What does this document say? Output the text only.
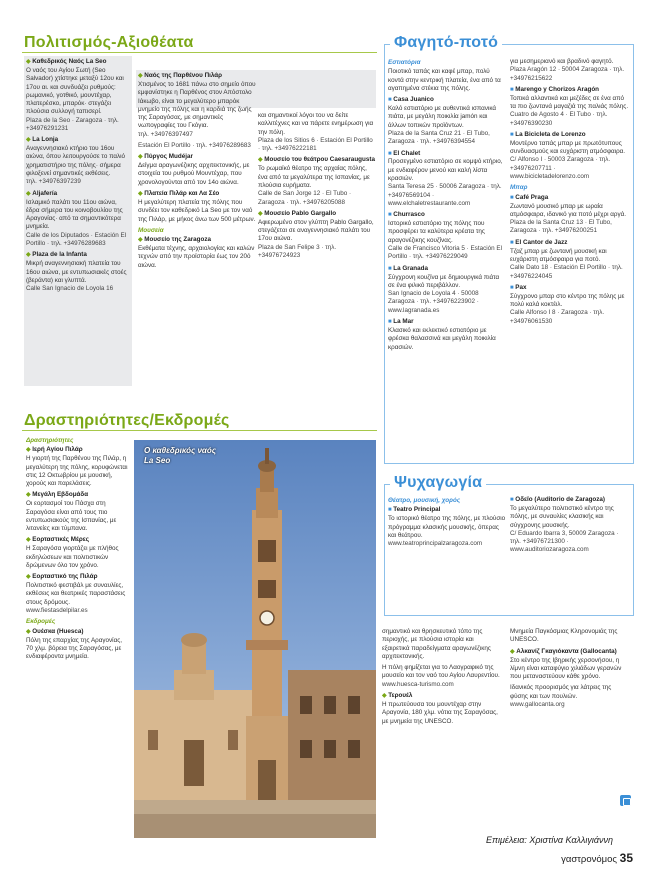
Πολιτισμός-Αξιοθέατα
◆ Καθεδρικός Ναός La Seo
Ο ναός του Αγίου Σωτή (Seo Salvador) χτίστηκε μεταξύ 12ου και 17ου αι. και συνδυάζει ρυθμούς: ρωμανικό, γοτθικό, μουντέχαρ, πλατερέσκο, μπαρόκ· στεγάζει πλούσια συλλογή ταπισερί.
Plaza de la Seo · Zaragoza · τηλ. +34976291231
◆ La Lonja
Αναγεννησιακό κτήριο του 16ου αιώνα, όπου λειτουργούσε το παλιό χρηματιστήριο της πόλης· σήμερα φιλοξενεί σημαντικές εκθέσεις.
τηλ. +34976397239
◆ Aljafería
Ισλαμικό παλάτι του 11ου αιώνα, έδρα σήμερα του κοινοβουλίου της Αραγονίας· από τα σημαντικότερα μνημεία.
Calle de los Diputados · Estación El Portillo · τηλ. +34976289683
◆ Plaza de la Infanta
Μικρή αναγεννησιακή πλατεία του 16ου αιώνα, με εντυπωσιακές στοές (βεράντα) και γλυπτά.
Calle San Ignacio de Loyola 16
◆ Ναός της Παρθένου Πιλάρ
Χτισμένος το 1681 πάνω στο σημείο όπου εμφανίστηκε η Παρθένος στον Απόστολο Ιάκωβο, είναι το μεγαλύτερο μπαρόκ μνημείο της πόλης και η καρδιά της ζωής της Σαραγόσας, με σημαντικές νωπογραφίες του Γκόγια.
τηλ. +34976397497
Estación El Portillo · τηλ. +34976289683
◆ Πύργος Mudéjar
Δείγμα αραγωνέζικης αρχιτεκτονικής, με στοιχεία του ρυθμού Μουντέχαρ, που χρονολογούνται από τον 14ο αιώνα.
◆ Πλατεία Πιλάρ και Λα Σέο
Η μεγαλύτερη πλατεία της πόλης που συνδέει τον καθεδρικό La Seo με τον ναό της Πιλάρ, με μήκος άνω των 500 μέτρων.
Μουσεία
◆ Μουσείο της Zaragoza
Εκθέματα τέχνης, αρχαιολογίας και καλών τεχνών από την προϊστορία έως τον 20ό αιώνα.
και σημαντικοί λόγοι του να δείτε καλλιτέχνες και να πάρετε ενημέρωση για την πόλη.
Plaza de los Sitios 6 · Estación El Portillo · τηλ. +34976222181
◆ Μουσείο του θεάτρου Caesaraugusta
Το ρωμαϊκό θέατρο της αρχαίας πόλης, ένα από τα μεγαλύτερα της Ισπανίας, με πλούσια ευρήματα.
Calle de San Jorge 12 · El Tubo · Zaragoza · τηλ. +34976205088
◆ Μουσείο Pablo Gargallo
Αφιερωμένο στον γλύπτη Pablo Gargallo, στεγάζεται σε αναγεννησιακό παλάτι του 17ου αιώνα.
Plaza de San Felipe 3 · τηλ. +34976724923
Φαγητό-ποτό
Εστιατόρια
Ποιοτικό ταπάς και καφέ μπαρ, πολύ κοντά στην κεντρική πλατεία, ένα από τα αγαπημένα στέκια της πόλης.
■ Casa Juanico
Καλό εστιατόριο με αυθεντικά ισπανικά πιάτα, με μεγάλη ποικιλία jamón και άλλων τοπικών προϊόντων.
Plaza de la Santa Cruz 21 · El Tubo, Zaragoza · τηλ. +34976394554
■ El Chalet
Προσεγμένο εστιατόριο σε κομψό κτήριο, με ενδιαφέρον μενού και καλή λίστα κρασιών.
Santa Teresa 25 · 50006 Zaragoza · τηλ. +34976569104 · www.elchaletrestaurante.com
■ Churrasco
Ιστορικό εστιατόριο της πόλης που προσφέρει τα καλύτερα κρέατα της αραγονέζικης κουζίνας.
Calle de Francisco Vitoria 5 · Estación El Portillo · τηλ. +34976229049
■ La Granada
Σύγχρονη κουζίνα με δημιουργικά πιάτα σε ένα φιλικό περιβάλλον.
San Ignacio de Loyola 4 · 50008 Zaragoza · τηλ. +34976223902 · www.lagranada.es
■ La Mar
Κλασικό και εκλεκτικό εστιατόριο με φρέσκα θαλασσινά και μεγάλη ποικιλία κρασιών.
για μεσημεριανό και βραδινό φαγητό.
Plaza Aragón 12 · 50004 Zaragoza · τηλ. +34976215622
■ Marengo y Chorizos Aragón
Τοπικά αλλαντικά και μεζέδες σε ένα από τα πιο ζωντανά μαγαζιά της παλιάς πόλης.
Cuatro de Agosto 4 · El Tubo · τηλ. +34976390230
■ La Bicicleta de Lorenzo
Μοντέρνο ταπάς μπαρ με πρωτότυπους συνδυασμούς και ευχάριστη ατμόσφαιρα.
C/ Alfonso I · 50003 Zaragoza · τηλ. +34976207711 · www.bicicletadelorenzo.com
Μπαρ
■ Café Praga
Ζωντανό μουσικό μπαρ με ωραία ατμόσφαιρα, ιδανικό για ποτό μέχρι αργά.
Plaza de la Santa Cruz 13 · El Tubo, Zaragoza · τηλ. +34976200251
■ El Cantor de Jazz
Τζαζ μπαρ με ζωντανή μουσική και ευχάριστη ατμόσφαιρα για ποτό.
Calle Dato 18 · Estación El Portillo · τηλ. +34976224045
■ Pax
Σύγχρονο μπαρ στο κέντρο της πόλης με πολύ καλά κοκτέιλ.
Calle Alfonso I 8 · Zaragoza · τηλ. +34976061530
Δραστηριότητες/Εκδρομές
Δραστηριότητες
◆ Ιερή Αγίου Πιλάρ
Η γιορτή της Παρθένου της Πιλάρ, η μεγαλύτερη της πόλης, κορυφώνεται στις 12 Οκτωβρίου με μουσική, χορούς και παρελάσεις.
◆ Μεγάλη Εβδομάδα
Οι εορτασμοί του Πάσχα στη Σαραγόσα είναι από τους πιο εντυπωσιακούς της Ισπανίας, με λιτανείες και τύμπανα.
◆ Εορταστικές Μέρες
Η Σαραγόσα γιορτάζει με πλήθος εκδηλώσεων και πολιτιστικών δρώμενων όλο τον χρόνο.
◆ Εορταστικό της Πιλάρ
Πολιτιστικό φεστιβάλ με συναυλίες, εκθέσεις και θεατρικές παραστάσεις στους δρόμους.
www.fiestasdelpilar.es
Εκδρομές
◆ Ουέσκα (Huesca)
Πόλη της επαρχίας της Αραγονίας, 70 χλμ. βόρεια της Σαραγόσας, με ενδιαφέροντα μνημεία.
Ο καθεδρικός ναός La Seo
σημαντικό και θρησκευτικό τόπο της περιοχής, με πλούσια ιστορία και εξαιρετικά παραδείγματα αραγωνέζικης αρχιτεκτονικής.
Η πόλη φημίζεται για το Λαογραφικό της μουσείο και τον ναό του Αγίου Λαυρεντίου.
www.huesca-turismo.com
◆ Τερουέλ
Η πρωτεύουσα του μουντέχαρ στην Αραγονία, 180 χλμ. νότια της Σαραγόσας, με μνημεία της UNESCO.
Μνημεία Παγκόσμιας Κληρονομιάς της UNESCO.
◆ Αλκανίζ Γκαγιόκαντα (Gallocanta)
Στο κέντρο της Ιβηρικής χερσονήσου, η λίμνη είναι καταφύγιο χιλιάδων γερανών που μεταναστεύουν κάθε χρόνο.
Ιδανικός προορισμός για λάτρεις της φύσης και των πουλιών.
www.gallocanta.org
Ψυχαγωγία
Θέατρο, μουσική, χορός
■ Teatro Principal
Το ιστορικό θέατρο της πόλης, με πλούσιο πρόγραμμα κλασικής μουσικής, όπερας και θεάτρου.
www.teatroprincipalzaragoza.com
■ Οδεϊο (Auditorio de Zaragoza)
Το μεγαλύτερο πολιτιστικό κέντρο της πόλης, με συναυλίες κλασικής και σύγχρονης μουσικής.
C/ Eduardo Ibarra 3, 50009 Zaragoza · τηλ. +34976721300 · www.auditoriozaragoza.com
Επιμέλεια: Χριστίνα Καλλιγιάννη
γαστρονόμος 35
